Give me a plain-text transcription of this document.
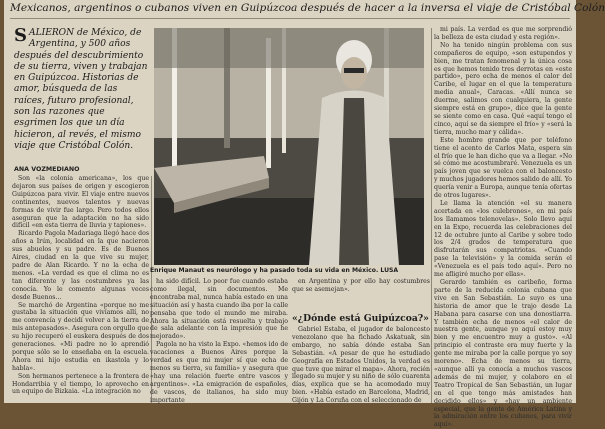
Mexicanos, argentinos o cubanos viven en Guipúzcoa después de hacer a la inversa el viaje de Cristóbal Colón
SALIERON de México, de Argentina, y 500 años después del descubrimiento de su tierra, viven y trabajan en Guipúzcoa. Historias de amor, búsqueda de las raíces, futuro profesional, son las razones que esgrimen los que un día hicieron, al revés, el mismo viaje que Cristóbal Colón.
ANA VOZMEDIANO

Son «la colonia americana», los que dejaron sus países de origen y escogieron Guipúzcoa para vivir. El viaje entre nuevos continentes, nuevos talentos y nuevas formas de vivir fue largo. Pero todos ellos aseguran que la adaptación no ha sido difícil «en esta tierra de lluvia y tapiones».

Ricardo Pagola Madariaga llegó hace dos años a Irún, localidad en la que nacieron sus abuelos y su padre. Es de Buenos Aires, ciudad en la que vive su mujer, padre de Alan Ricardo. Y no la echa de menos. «La verdad es que el clima no es tan diferente y las costumbres ya las conocía. Yo le comento algunas veces desde Buenos...

Se marchó de Argentina «porque no me gustaba la situación que vivíamos allí, no me convencía y decidí volver a la tierra de mis antepasados». Asegura con orgullo que su hijo recuperó el euskera después de dos generaciones. «Mi padre no lo aprendió porque sólo se lo enseñaba en la escuela. Ahora mi hijo estudia en ikastola y lo habla».

Son hermanos pertenece a la frontera de Hondarribia y el tiempo, lo aprovecho en un equipo de Bizkaia. «La integración no

Enrique Manaut es neurólogo y ha pasado toda su vida en México. LUSA

ha sido difícil. Lo peor fue cuando estaba como ilegal, sin documentos. Me encontraba mal, nunca había estado en una situación así y hasta cuando iba por la calle pensaba que todo el mundo me miraba. Ahora la situación está resuelta y trabajo de sala adelante con la impresión que he mejorado».

Pagola no ha visto la Expo. «hemos ido de vacaciones a Buenos Aires porque la verdad es que mi mujer sí que echa de menos su tierra, su familia» y asegura que «hay una relación fuerte entre vascos y argentinos». «La emigración de españoles, de vascos, de italianos, ha sido muy importante

en Argentina y por ello hay costumbres que se asemejan».

«¿Dónde está Guipúzcoa?»

Gabriel Estaba, el jugador de baloncesto venezolano que ha fichado Askatuak, sin embargo, no sabía dónde estaba San Sebastián. «A pesar de que he estudiado Geografía en Estados Unidos, la verdad es que tuve que mirar el mapa». Ahora, recién llegado su mujer y su niño de sólo cuarenta días, explica que se ha acomodado muy bien. «Había estado en Barcelona, Madrid, Gijón y La Coruña con el seleccionado de

mi país. La verdad es que me sorprendió la belleza de esta ciudad y esta región».

No ha tenido ningún problema con sus compañeros de equipo, «son estupendos y bien, me tratan fenomenal y la única cosa es que hemos tenido tres derrotas en «este partido», pero echa de menos el calor del Caribe, el lugar en el que la temperatura media anual», Caracas. «Allí nunca se duerme, salimos con cualquiera, la gente siempre está en grupo», dice que la gente se siente como en casa. Qué «aquí tengo el cinco, aquí se da siempre el frío» y «será la tierra, mucho mar y cálida».

Este hombre grande que por teléfono tiene el acento de Carlos Mata, espera sin el frío que le han dicho que va a llegar. «No sé cómo me acostumbraré. Venezuela es un país joven que se vuelca con el baloncesto y muchos jugadores hemos salido de allí. Yo quería venir a Europa, aunque tenía ofertas de otros lugares».

Le llama la atención «el su manera acertada en «los culebrones», en mi país los llamamos telenovelas». Solo llevo aquí en la Expo, recuerda las celebraciones del 12 de octubre junto al Caribe y sobre todo los 2/4 grados de temperatura que disfrutarán sus compatriotas. «Cuando pase la televisión» y la comida serán el «Venezuela es el país todo aquí». Pero no me afligiré mucho por ellas».

Gerardo también es caribeño, forma parte de la reducida colonia cubana que vive en San Sebastián. Lo suyo es una historia de amor que le trajo desde La Habana para casarse con una donostiarra. Y también echa de menos «el calor de nuestra gente, aunque yo aquí estoy muy bien y me encuentro muy a gusto». «Al principio el contraste era muy fuerte y la gente me miraba por la calle porque yo soy moreno». Echa de menos su tierra, «aunque allí ya conocía a muchos vascos además de mi mujer, y colaboro en el Teatro Tropical de San Sebastián, un lugar en el que tengo más amistades han decidido ellos» y «hay un ambiente especial, que la gente de América Latina y la admiración entre los cubanos, para vivir aquí».
